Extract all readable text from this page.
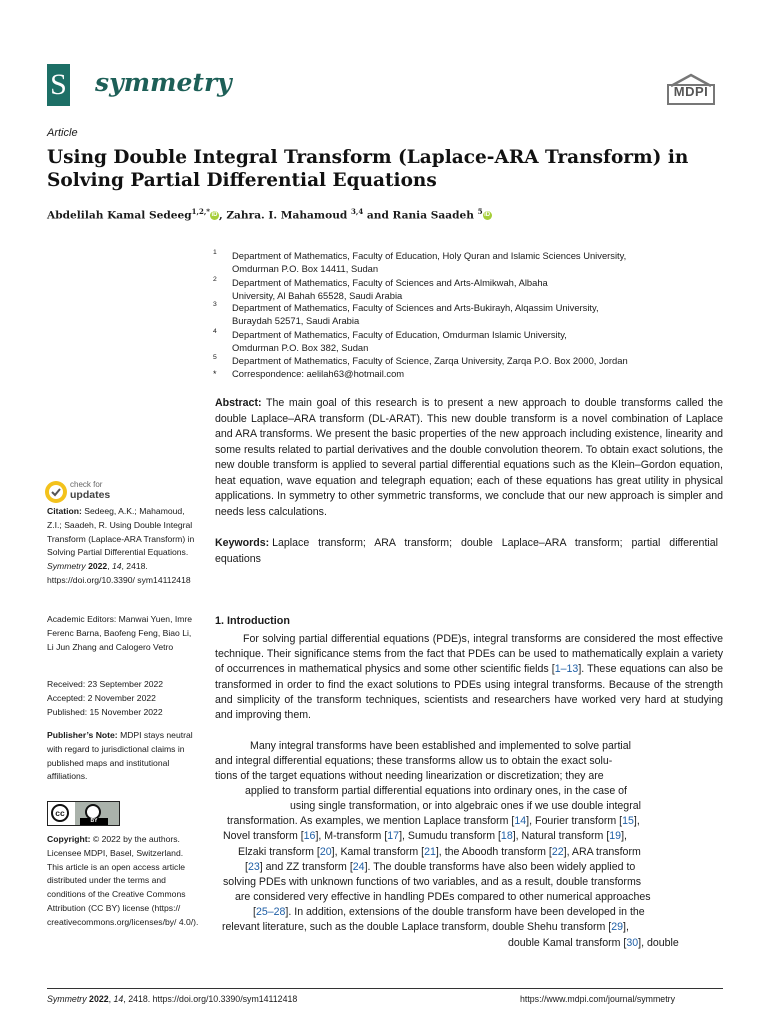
S symmetry	MDPI
Article
Using Double Integral Transform (Laplace-ARA Transform) in Solving Partial Differential Equations
Abdelilah Kamal Sedeeg$^{1,2,*}$ iD , Zahra. I. Mahamoud $^{3,4}$ and Rania Saadeh $^5$ iD
1 Department of Mathematics, Faculty of Education, Holy Quran and Islamic Sciences University, Omdurman P.O. Box 14411, Sudan
2 Department of Mathematics, Faculty of Sciences and Arts-Almikwah, Albaha University, Al Bahah 65528, Saudi Arabia
3 Department of Mathematics, Faculty of Sciences and Arts-Bukirayh, Alqassim University, Buraydah 52571, Saudi Arabia
4 Department of Mathematics, Faculty of Education, Omdurman Islamic University, Omdurman P.O. Box 382, Sudan
5 Department of Mathematics, Faculty of Science, Zarqa University, Zarqa P.O. Box 2000, Jordan
* Correspondence: aelilah63@hotmail.com
Abstract: The main goal of this research is to present a new approach to double transforms called the double Laplace–ARA transform (DL-ARAT). This new double transform is a novel combination of Laplace and ARA transforms. We present the basic properties of the new approach including existence, linearity and some results related to partial derivatives and the double convolution theorem. To obtain exact solutions, the new double transform is applied to several partial differential equations such as the Klein–Gordon equation, heat equation, wave equation and telegraph equation; each of these equations has great utility in physical applications. In symmetry to other symmetric transforms, we conclude that our new approach is simpler and needs less calculations.
Keywords: Laplace transform; ARA transform; double Laplace–ARA transform; partial differential equations
check for
updates
Citation: Sedeeg, A.K.; Mahamoud, Z.I.; Saadeh, R. Using Double Integral Transform (Laplace-ARA Transform) in Solving Partial Differential Equations. Symmetry 2022, 14, 2418. https://doi.org/10.3390/ sym14112418
Academic Editors: Manwai Yuen, Imre Ferenc Barna, Baofeng Feng, Biao Li, Li Jun Zhang and Calogero Vetro
Received: 23 September 2022
Accepted: 2 November 2022
Published: 15 November 2022
Publisher’s Note: MDPI stays neutral with regard to jurisdictional claims in published maps and institutional affiliations.
cc
BY
Copyright: © 2022 by the authors. Licensee MDPI, Basel, Switzerland. This article is an open access article distributed under the terms and conditions of the Creative Commons Attribution (CC BY) license (https:// creativecommons.org/licenses/by/ 4.0/).
1. Introduction
For solving partial differential equations (PDE)s, integral transforms are considered the most effective technique. Their significance stems from the fact that PDEs can be used to mathematically explain a variety of occurrences in mathematical physics and some other scientific fields [1–13]. These equations can also be transformed in order to find the exact solutions to PDEs using integral transforms. Because of the strength and simplicity of the transform techniques, scientists and researchers have worked very hard at studying and improving them.
Many integral transforms have been established and implemented to solve partial
and integral differential equations; these transforms allow us to obtain the exact solu-
tions of the target equations without needing linearization or discretization; they are
applied to transform partial differential equations into ordinary ones, in the case of
using single transformation, or into algebraic ones if we use double integral
transformation. As examples, we mention Laplace transform [14], Fourier transform [15],
Novel transform [16], M-transform [17], Sumudu transform [18], Natural transform [19],
Elzaki transform [20], Kamal transform [21], the Aboodh transform [22], ARA transform
[23] and ZZ transform [24]. The double transforms have also been widely applied to
solving PDEs with unknown functions of two variables, and as a result, double transforms
are considered very effective in handling PDEs compared to other numerical approaches
[25–28]. In addition, extensions of the double transform have been developed in the
relevant literature, such as the double Laplace transform, double Shehu transform [29],
double Kamal transform [30], double
Symmetry 2022, 14, 2418. https://doi.org/10.3390/sym14112418	https://www.mdpi.com/journal/symmetry
